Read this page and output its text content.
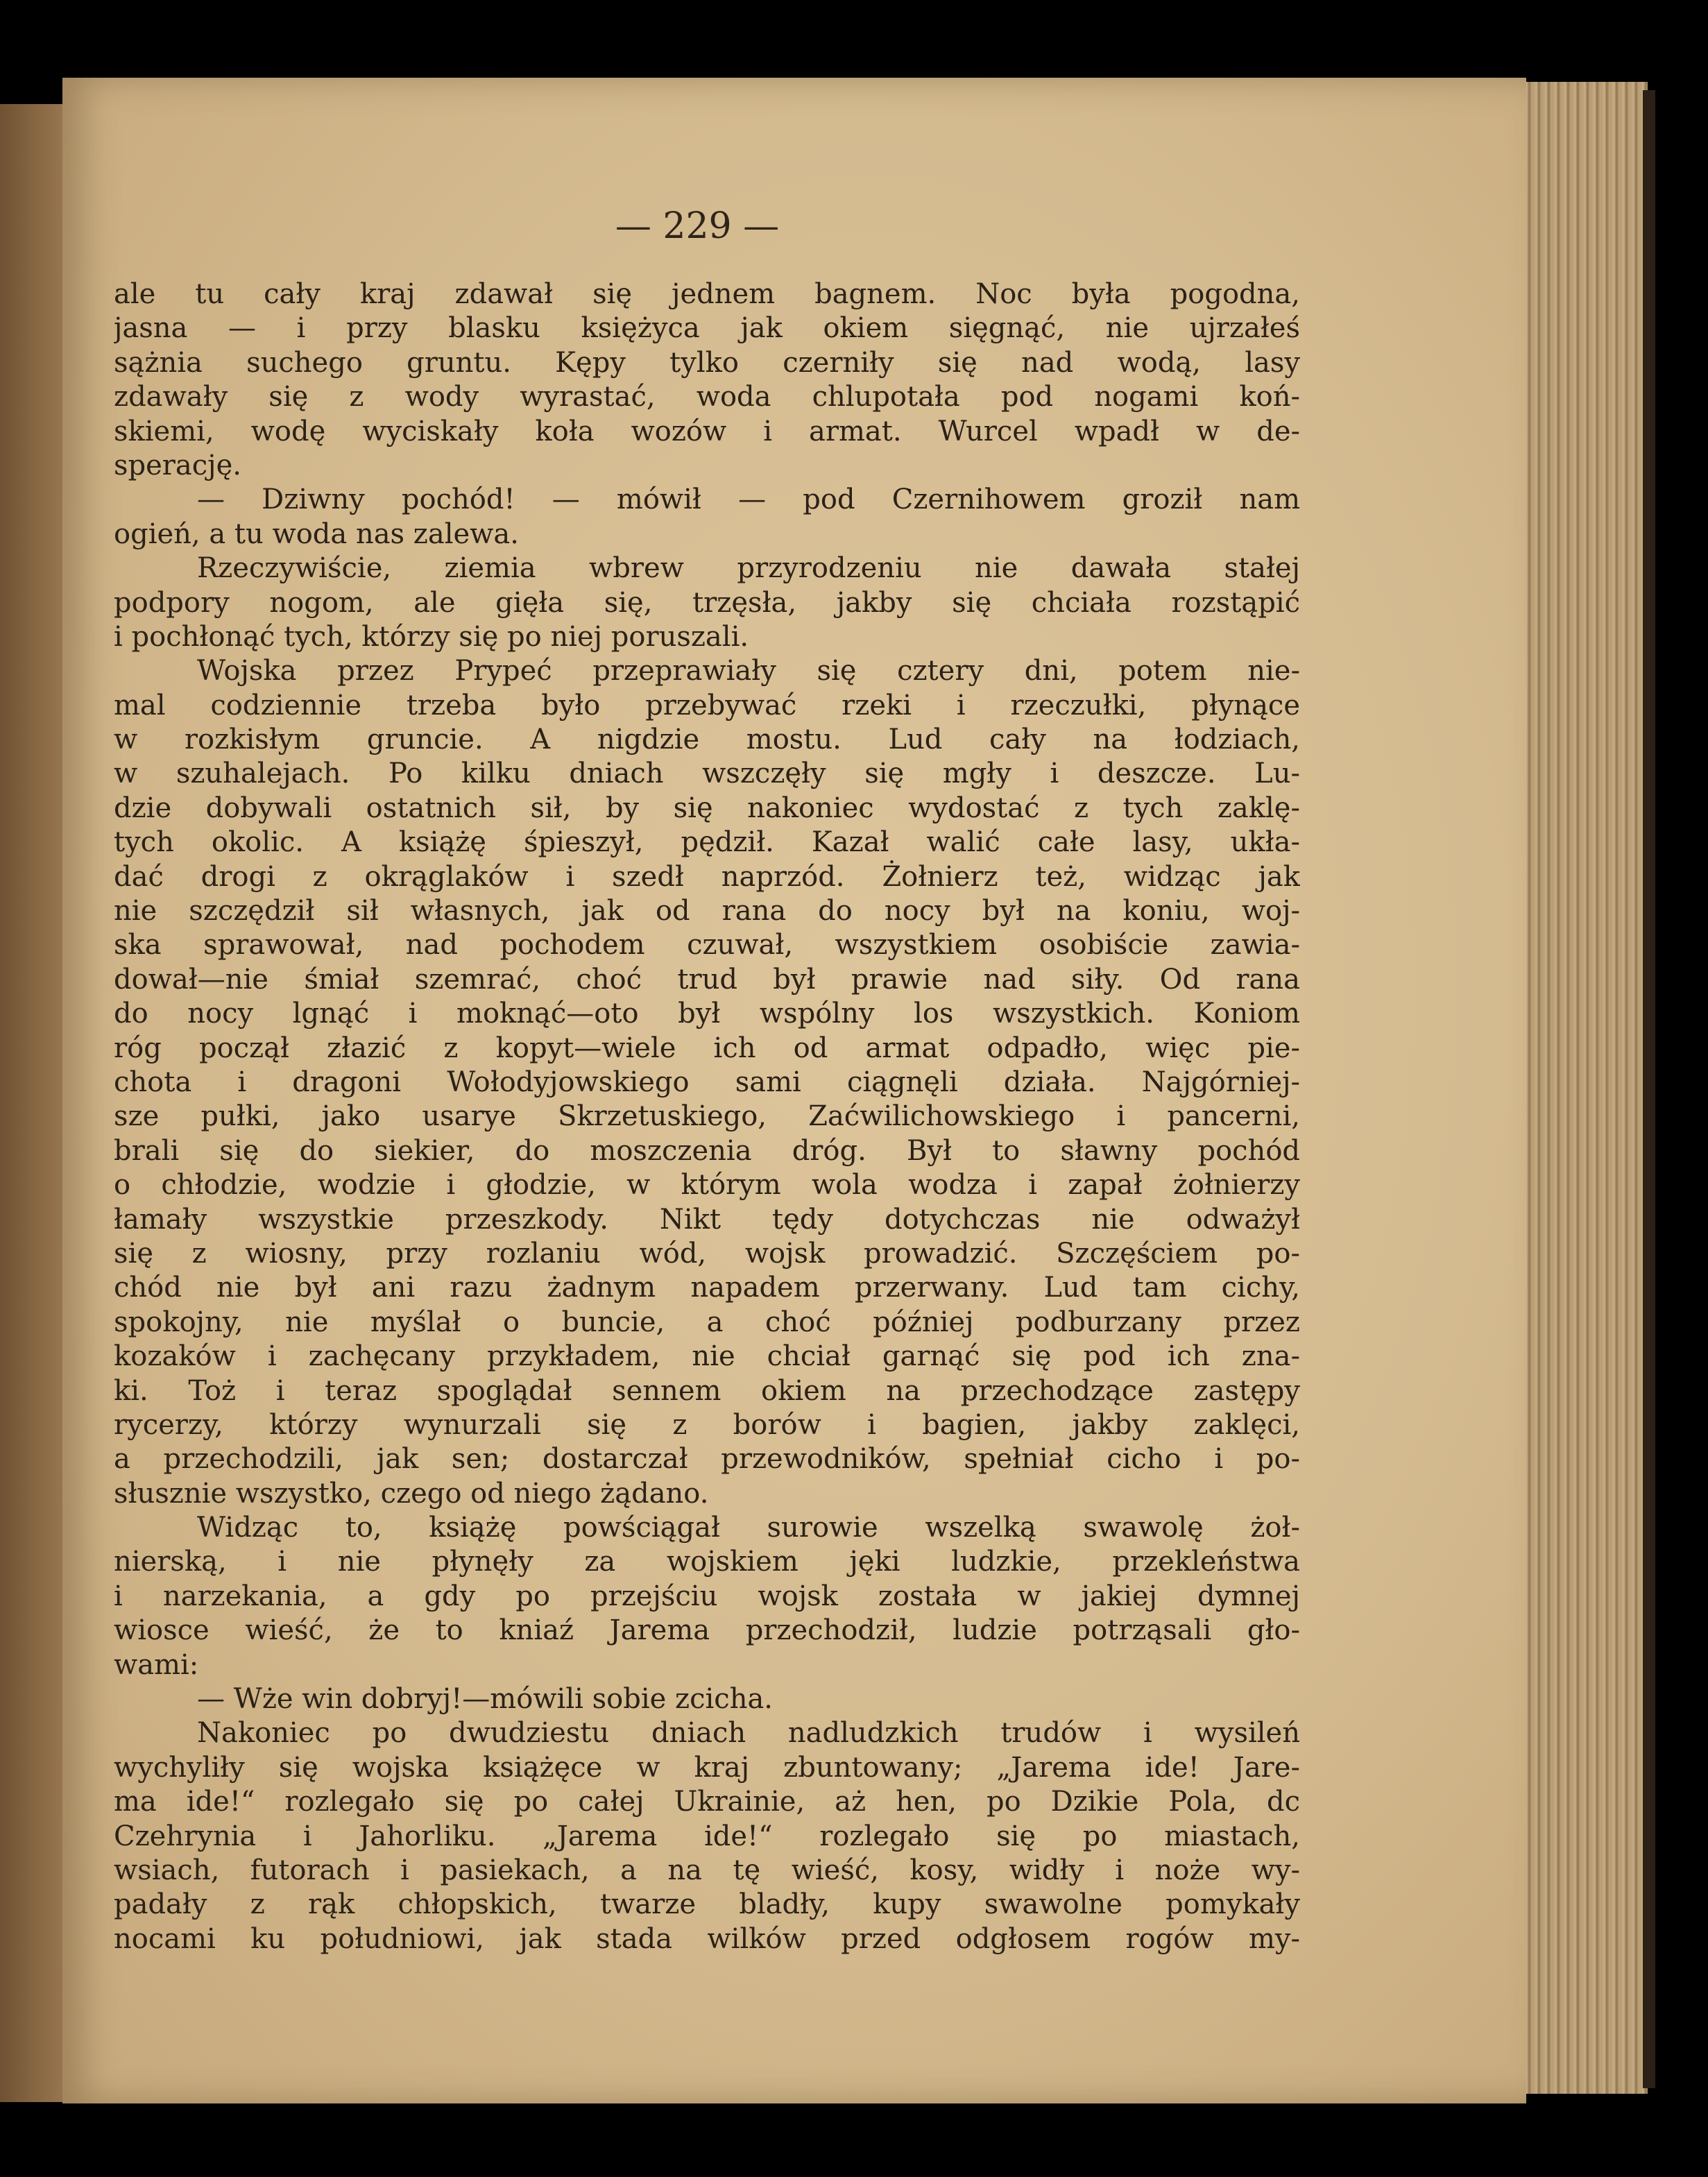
— 229 —

ale tu cały kraj zdawał się jednem bagnem. Noc była pogodna,
jasna — i przy blasku księżyca jak okiem sięgnąć, nie ujrzałeś
sążnia suchego gruntu. Kępy tylko czerniły się nad wodą, lasy
zdawały się z wody wyrastać, woda chlupotała pod nogami koń-
skiemi, wodę wyciskały koła wozów i armat. Wurcel wpadł w de-
sperację.
— Dziwny pochód! — mówił — pod Czernihowem groził nam
ogień, a tu woda nas zalewa.
Rzeczywiście, ziemia wbrew przyrodzeniu nie dawała stałej
podpory nogom, ale gięła się, trzęsła, jakby się chciała rozstąpić
i pochłonąć tych, którzy się po niej poruszali.
Wojska przez Prypeć przeprawiały się cztery dni, potem nie-
mal codziennie trzeba było przebywać rzeki i rzeczułki, płynące
w rozkisłym gruncie. A nigdzie mostu. Lud cały na łodziach,
w szuhalejach. Po kilku dniach wszczęły się mgły i deszcze. Lu-
dzie dobywali ostatnich sił, by się nakoniec wydostać z tych zaklę-
tych okolic. A książę śpieszył, pędził. Kazał walić całe lasy, ukła-
dać drogi z okrąglaków i szedł naprzód. Żołnierz też, widząc jak
nie szczędził sił własnych, jak od rana do nocy był na koniu, woj-
ska sprawował, nad pochodem czuwał, wszystkiem osobiście zawia-
dował—nie śmiał szemrać, choć trud był prawie nad siły. Od rana
do nocy lgnąć i moknąć—oto był wspólny los wszystkich. Koniom
róg począł złazić z kopyt—wiele ich od armat odpadło, więc pie-
chota i dragoni Wołodyjowskiego sami ciągnęli działa. Najgórniej-
sze pułki, jako usarye Skrzetuskiego, Zaćwilichowskiego i pancerni,
brali się do siekier, do moszczenia dróg. Był to sławny pochód
o chłodzie, wodzie i głodzie, w którym wola wodza i zapał żołnierzy
łamały wszystkie przeszkody. Nikt tędy dotychczas nie odważył
się z wiosny, przy rozlaniu wód, wojsk prowadzić. Szczęściem po-
chód nie był ani razu żadnym napadem przerwany. Lud tam cichy,
spokojny, nie myślał o buncie, a choć później podburzany przez
kozaków i zachęcany przykładem, nie chciał garnąć się pod ich zna-
ki. Toż i teraz spoglądał sennem okiem na przechodzące zastępy
rycerzy, którzy wynurzali się z borów i bagien, jakby zaklęci,
a przechodzili, jak sen; dostarczał przewodników, spełniał cicho i po-
słusznie wszystko, czego od niego żądano.
Widząc to, książę powściągał surowie wszelką swawolę żoł-
nierską, i nie płynęły za wojskiem jęki ludzkie, przekleństwa
i narzekania, a gdy po przejściu wojsk została w jakiej dymnej
wiosce wieść, że to kniaź Jarema przechodził, ludzie potrząsali gło-
wami:
— Wże win dobryj!—mówili sobie zcicha.
Nakoniec po dwudziestu dniach nadludzkich trudów i wysileń
wychyliły się wojska książęce w kraj zbuntowany; „Jarema ide! Jare-
ma ide!“ rozlegało się po całej Ukrainie, aż hen, po Dzikie Pola, dc
Czehrynia i Jahorliku. „Jarema ide!“ rozlegało się po miastach,
wsiach, futorach i pasiekach, a na tę wieść, kosy, widły i noże wy-
padały z rąk chłopskich, twarze bladły, kupy swawolne pomykały
nocami ku południowi, jak stada wilków przed odgłosem rogów my-
